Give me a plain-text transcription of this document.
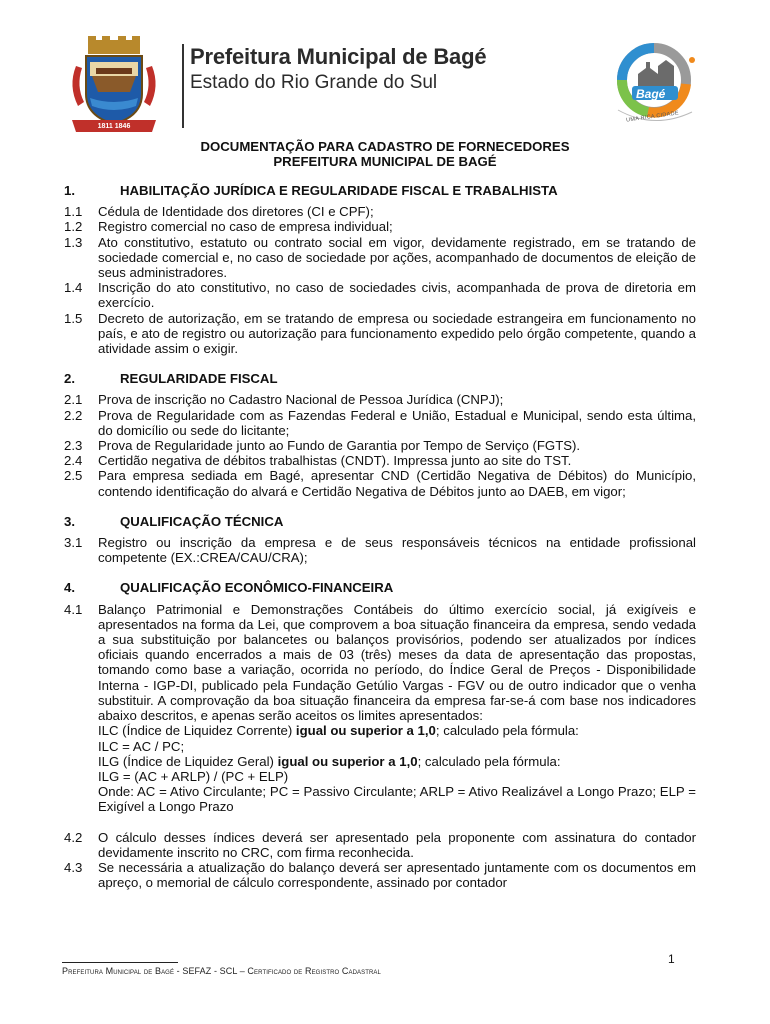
1811 1846
Prefeitura Municipal de Bagé
Estado do Rio Grande do Sul
Bagé
UMA RICA CIDADE
DOCUMENTAÇÃO PARA CADASTRO DE FORNECEDORES
PREFEITURA MUNICIPAL DE BAGÉ
1.	HABILITAÇÃO JURÍDICA E REGULARIDADE FISCAL E TRABALHISTA
1.1	Cédula de Identidade dos diretores (CI e CPF);
1.2	Registro comercial no caso de empresa individual;
1.3	Ato constitutivo, estatuto ou contrato social em vigor, devidamente registrado, em se tratando de sociedade comercial e, no caso de sociedade por ações, acompanhado de documentos de eleição de seus administradores.
1.4	Inscrição do ato constitutivo, no caso de sociedades civis, acompanhada de prova de diretoria em exercício.
1.5	Decreto de autorização, em se tratando de empresa ou sociedade estrangeira em funcionamento no país, e ato de registro ou autorização para funcionamento expedido pelo órgão competente, quando a atividade assim o exigir.
2.	REGULARIDADE FISCAL
2.1	Prova de inscrição no Cadastro Nacional de Pessoa Jurídica (CNPJ);
2.2	Prova de Regularidade com as Fazendas Federal e União, Estadual e Municipal, sendo esta última, do domicílio ou sede do licitante;
2.3	Prova de Regularidade junto ao Fundo de Garantia por Tempo de Serviço (FGTS).
2.4	Certidão negativa de débitos trabalhistas (CNDT). Impressa junto ao site do TST.
2.5	Para empresa sediada em Bagé, apresentar CND (Certidão Negativa de Débitos) do Município, contendo identificação do alvará e Certidão Negativa de Débitos junto ao DAEB, em vigor;
3.	QUALIFICAÇÃO TÉCNICA
3.1	Registro ou inscrição da empresa e de seus responsáveis técnicos na entidade profissional competente (EX.:CREA/CAU/CRA);
4.	QUALIFICAÇÃO ECONÔMICO-FINANCEIRA
4.1	Balanço Patrimonial e Demonstrações Contábeis do último exercício social, já exigíveis e apresentados na forma da Lei, que comprovem a boa situação financeira da empresa, sendo vedada a sua substituição por balancetes ou balanços provisórios, podendo ser atualizados por índices oficiais quando encerrados a mais de 03 (três) meses da data de apresentação das propostas, tomando como base a variação, ocorrida no período, do Índice Geral de Preços - Disponibilidade Interna - IGP-DI, publicado pela Fundação Getúlio Vargas - FGV ou de outro indicador que o venha substituir. A comprovação da boa situação financeira da empresa far-se-á com base nos indicadores abaixo descritos, e apenas serão aceitos os limites apresentados:
ILC (Índice de Liquidez Corrente) igual ou superior a 1,0; calculado pela fórmula:
ILC = AC / PC;
ILG (Índice de Liquidez Geral) igual ou superior a 1,0; calculado pela fórmula:
ILG = (AC + ARLP) / (PC + ELP)
Onde: AC = Ativo Circulante; PC = Passivo Circulante; ARLP = Ativo Realizável a Longo Prazo; ELP = Exigível a Longo Prazo
4.2	O cálculo desses índices deverá ser apresentado pela proponente com assinatura do contador devidamente inscrito no CRC, com firma reconhecida.
4.3	Se necessária a atualização do balanço deverá ser apresentado juntamente com os documentos em apreço, o memorial de cálculo correspondente, assinado por contador
1
Prefeitura Municipal de Bagé - SEFAZ - SCL – Certificado de Registro Cadastral
